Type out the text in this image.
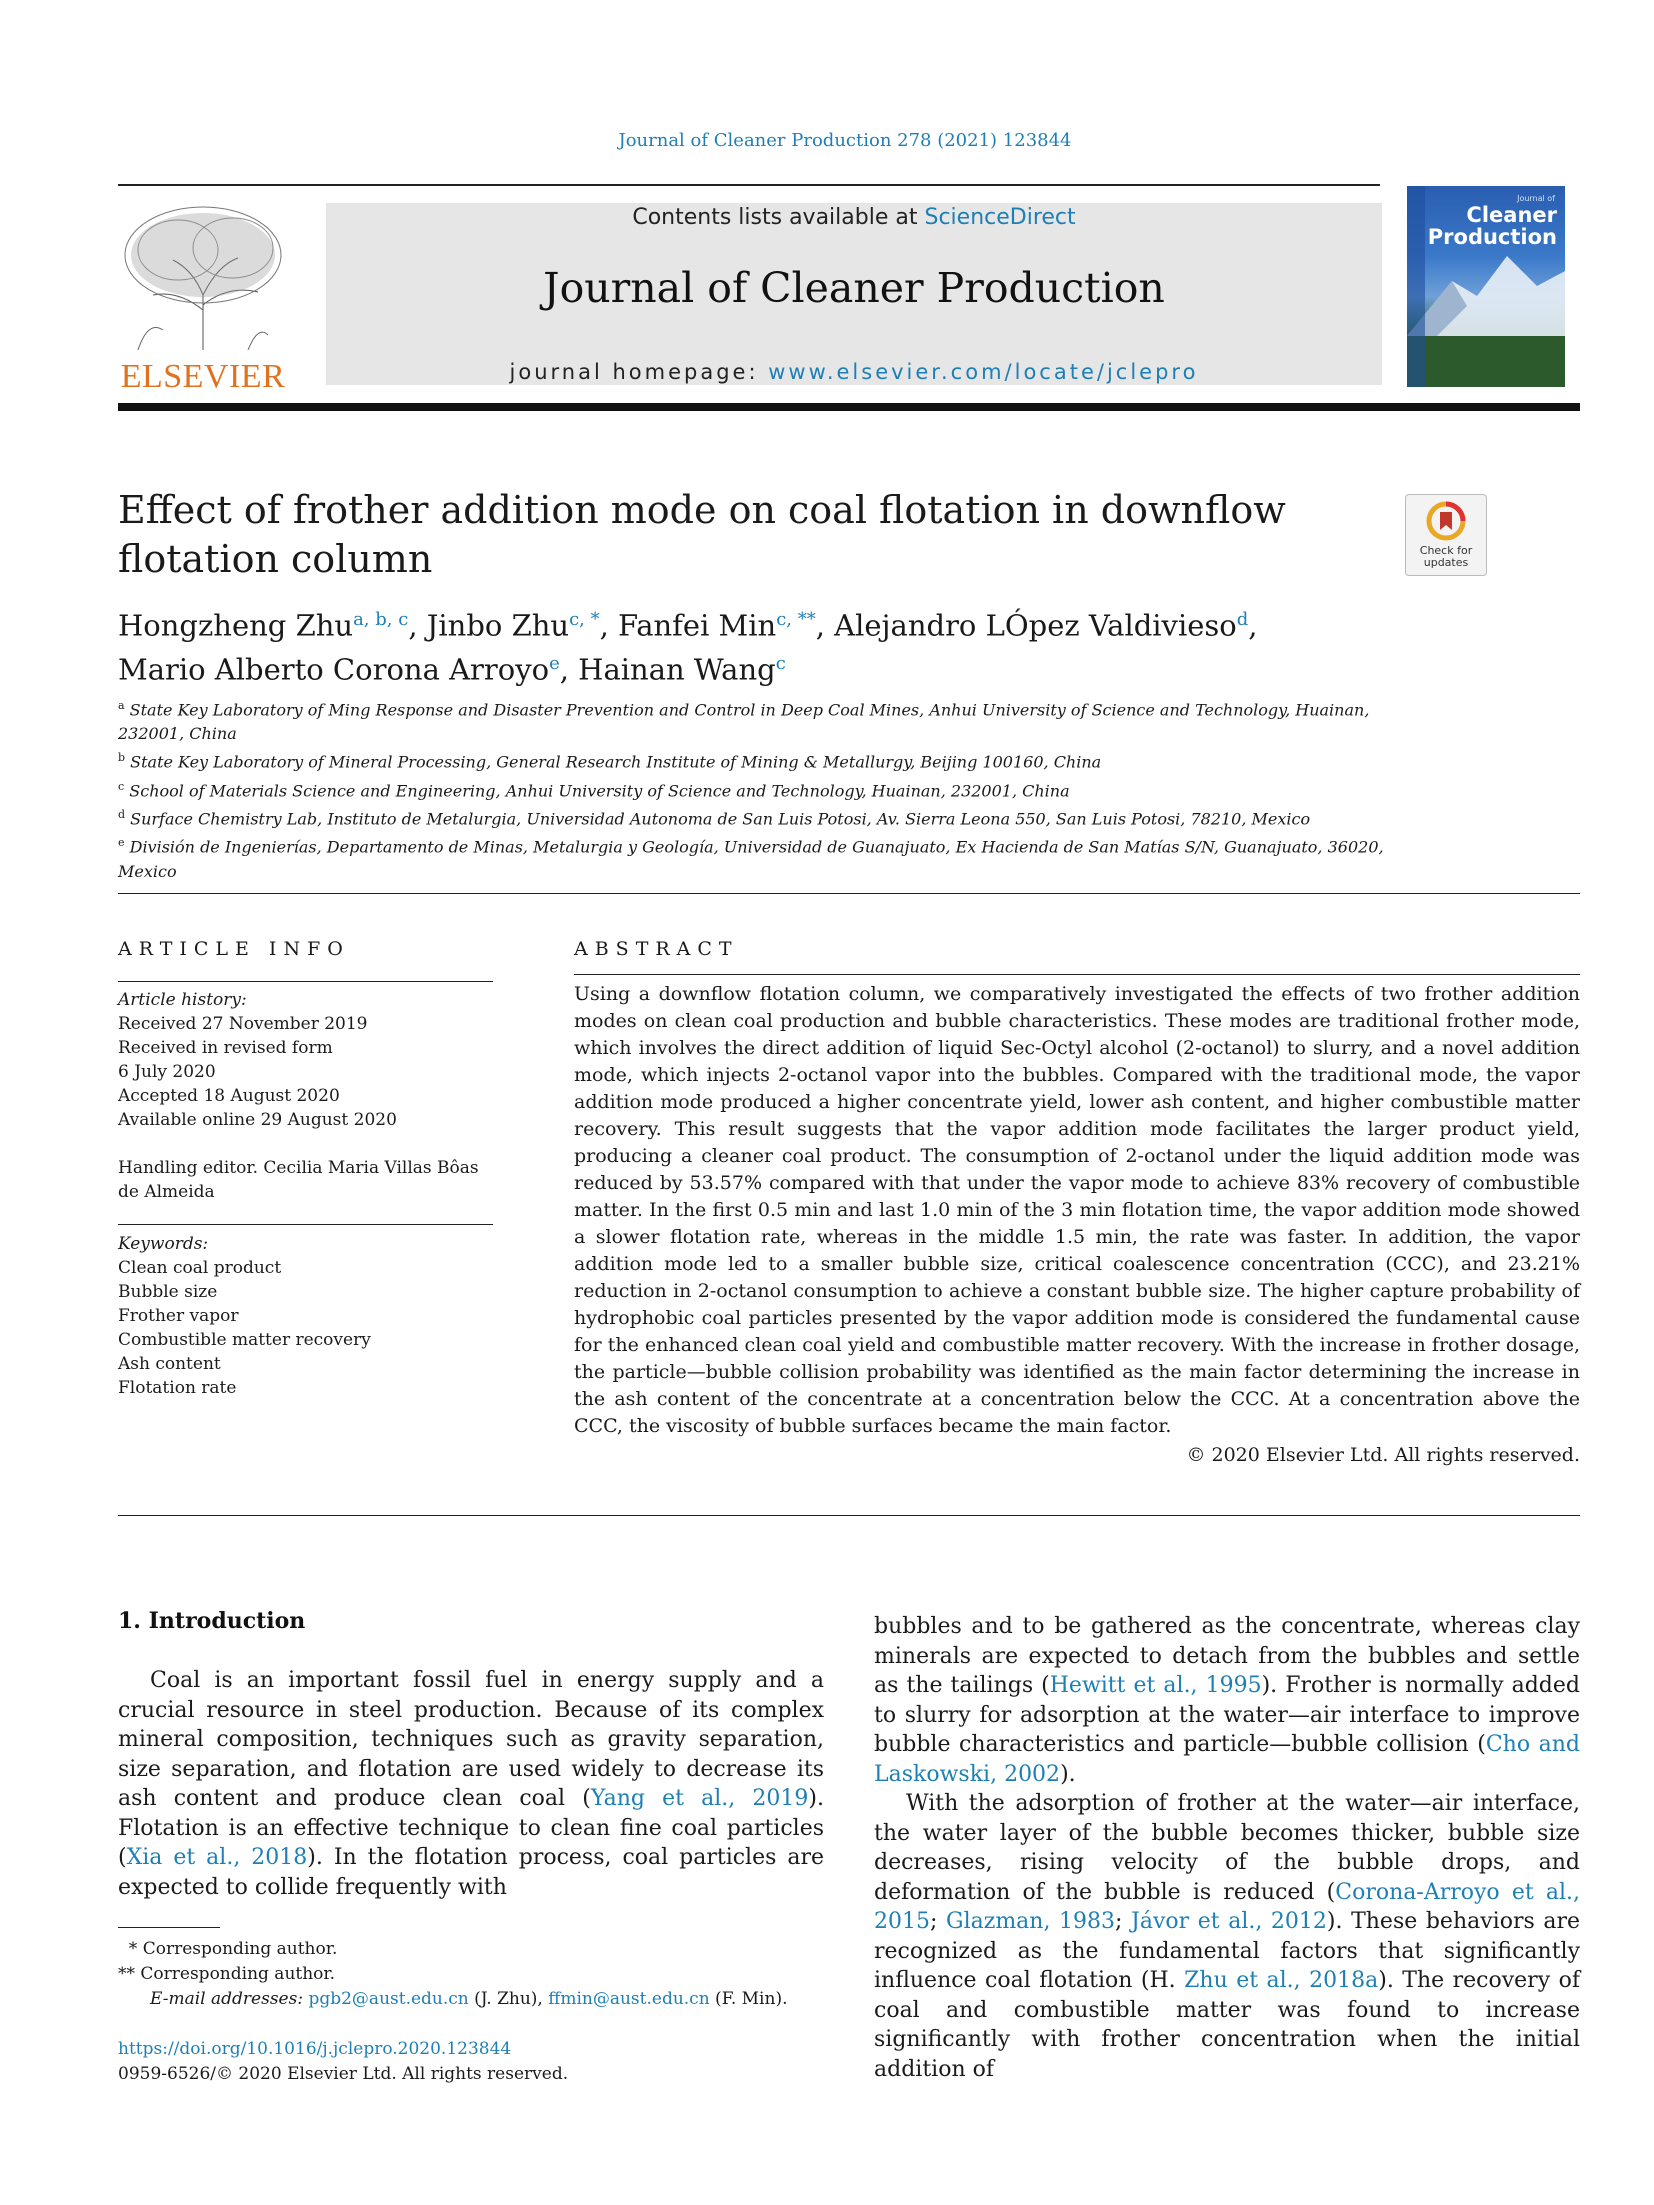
Journal of Cleaner Production 278 (2021) 123844
ELSEVIER
Contents lists available at ScienceDirect
Journal of Cleaner Production
journal homepage: www.elsevier.com/locate/jclepro
Journal of
Cleaner
Production
Effect of frother addition mode on coal flotation in downflow flotation column	Check for
updates
Hongzheng Zhu$^{a, b, c}$, Jinbo Zhu$^{c, *}$, Fanfei Min$^{c, **}$, Alejandro LÓpez Valdivieso$^d$,
Mario Alberto Corona Arroyo$^e$, Hainan Wang$^c$
$^a$ State Key Laboratory of Ming Response and Disaster Prevention and Control in Deep Coal Mines, Anhui University of Science and Technology, Huainan, 232001, China
$^b$ State Key Laboratory of Mineral Processing, General Research Institute of Mining & Metallurgy, Beijing 100160, China
$^c$ School of Materials Science and Engineering, Anhui University of Science and Technology, Huainan, 232001, China
$^d$ Surface Chemistry Lab, Instituto de Metalurgia, Universidad Autonoma de San Luis Potosi, Av. Sierra Leona 550, San Luis Potosi, 78210, Mexico
$^e$ División de Ingenierías, Departamento de Minas, Metalurgia y Geología, Universidad de Guanajuato, Ex Hacienda de San Matías S/N, Guanajuato, 36020, Mexico
ARTICLE INFO
Article history:
Received 27 November 2019
Received in revised form
6 July 2020
Accepted 18 August 2020
Available online 29 August 2020
Handling editor. Cecilia Maria Villas Bôas de Almeida
Keywords:
Clean coal product
Bubble size
Frother vapor
Combustible matter recovery
Ash content
Flotation rate
ABSTRACT
Using a downflow flotation column, we comparatively investigated the effects of two frother addition modes on clean coal production and bubble characteristics. These modes are traditional frother mode, which involves the direct addition of liquid Sec-Octyl alcohol (2-octanol) to slurry, and a novel addition mode, which injects 2-octanol vapor into the bubbles. Compared with the traditional mode, the vapor addition mode produced a higher concentrate yield, lower ash content, and higher combustible matter recovery. This result suggests that the vapor addition mode facilitates the larger product yield, producing a cleaner coal product. The consumption of 2-octanol under the liquid addition mode was reduced by 53.57% compared with that under the vapor mode to achieve 83% recovery of combustible matter. In the first 0.5 min and last 1.0 min of the 3 min flotation time, the vapor addition mode showed a slower flotation rate, whereas in the middle 1.5 min, the rate was faster. In addition, the vapor addition mode led to a smaller bubble size, critical coalescence concentration (CCC), and 23.21% reduction in 2-octanol consumption to achieve a constant bubble size. The higher capture probability of hydrophobic coal particles presented by the vapor addition mode is considered the fundamental cause for the enhanced clean coal yield and combustible matter recovery. With the increase in frother dosage, the particle—bubble collision probability was identified as the main factor determining the increase in the ash content of the concentrate at a concentration below the CCC. At a concentration above the CCC, the viscosity of bubble surfaces became the main factor.
© 2020 Elsevier Ltd. All rights reserved.
1. Introduction

Coal is an important fossil fuel in energy supply and a crucial resource in steel production. Because of its complex mineral composition, techniques such as gravity separation, size separation, and flotation are used widely to decrease its ash content and produce clean coal (Yang et al., 2019). Flotation is an effective technique to clean fine coal particles (Xia et al., 2018). In the flotation process, coal particles are expected to collide frequently with

bubbles and to be gathered as the concentrate, whereas clay minerals are expected to detach from the bubbles and settle as the tailings (Hewitt et al., 1995). Frother is normally added to slurry for adsorption at the water—air interface to improve bubble characteristics and particle—bubble collision (Cho and Laskowski, 2002).

With the adsorption of frother at the water—air interface, the water layer of the bubble becomes thicker, bubble size decreases, rising velocity of the bubble drops, and deformation of the bubble is reduced (Corona-Arroyo et al., 2015; Glazman, 1983; Jávor et al., 2012). These behaviors are recognized as the fundamental factors that significantly influence coal flotation (H. Zhu et al., 2018a). The recovery of coal and combustible matter was found to increase significantly with frother concentration when the initial addition of

* Corresponding author.
** Corresponding author.
E-mail addresses: pgb2@aust.edu.cn (J. Zhu), ffmin@aust.edu.cn (F. Min).
https://doi.org/10.1016/j.jclepro.2020.123844
0959-6526/© 2020 Elsevier Ltd. All rights reserved.
